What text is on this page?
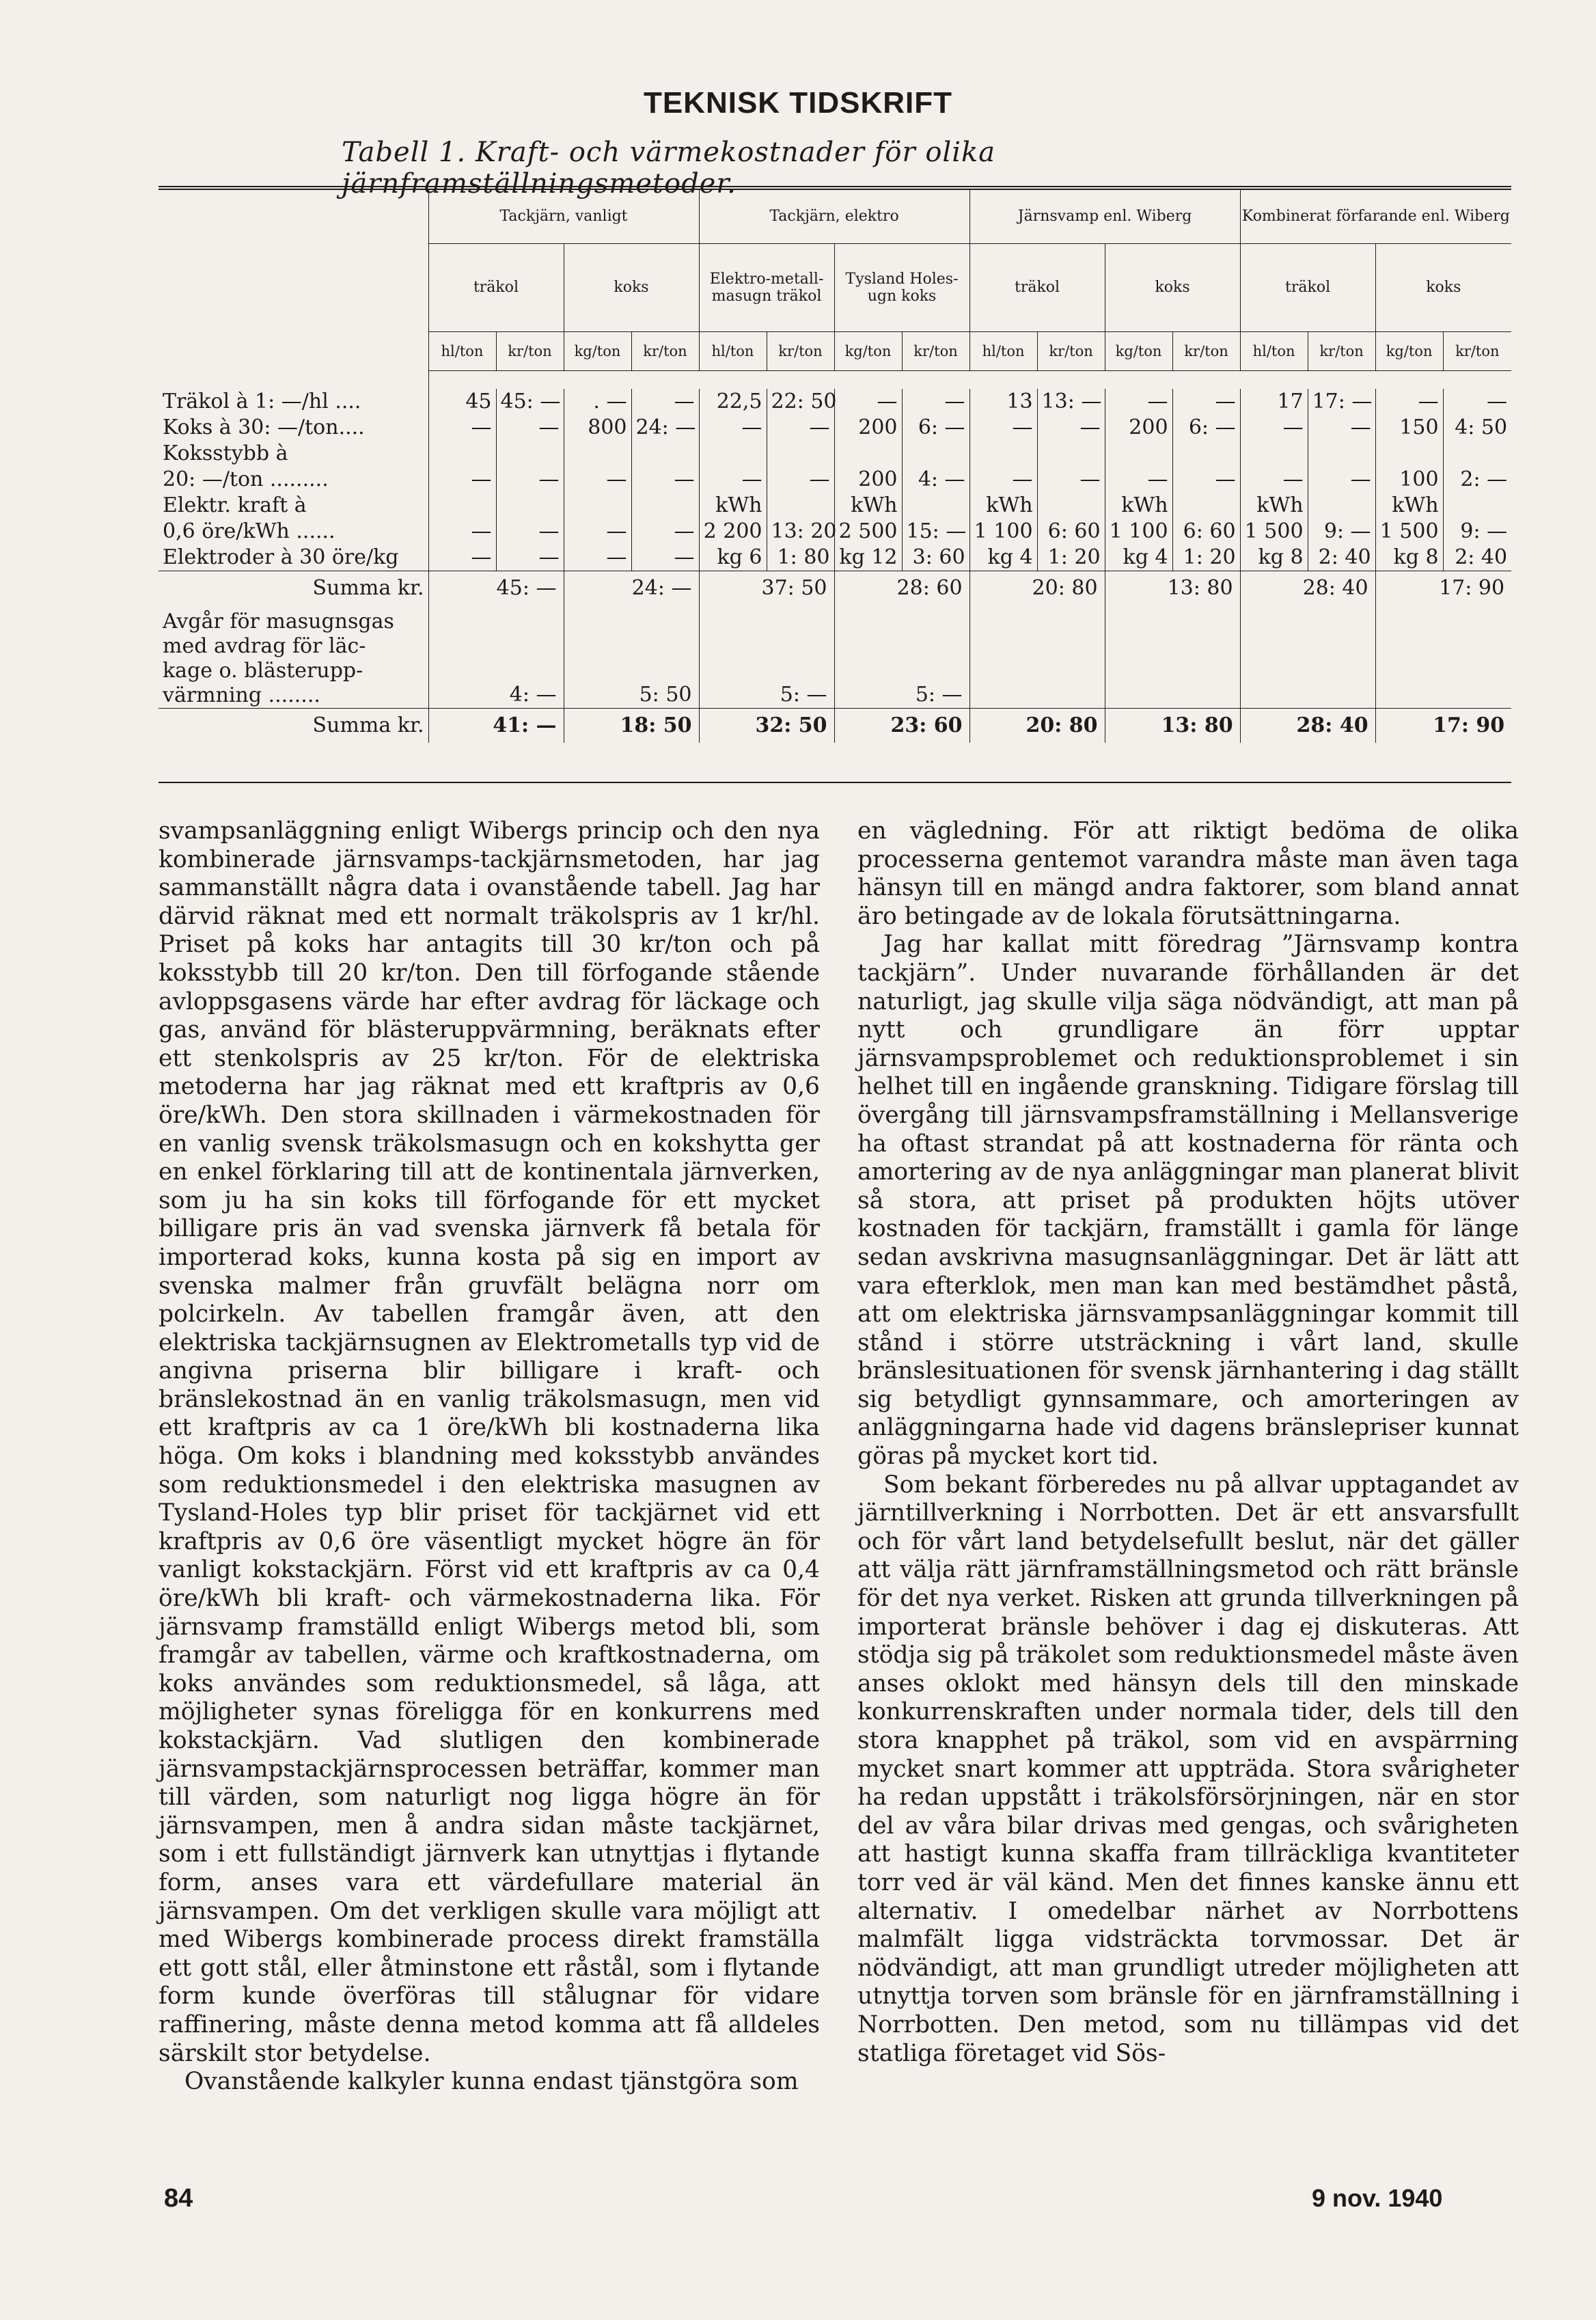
TEKNISK TIDSKRIFT
Tabell 1. Kraft- och värmekostnader för olika järnframställningsmetoder.
	Tackjärn, vanligt				Tackjärn, elektro				Järnsvamp enl. Wiberg				Kombinerat förfarande enl. Wiberg			
	träkol		koks		Elektro-metall-masugn träkol		Tysland Holes-ugn koks		träkol		koks		träkol		koks	
	hl/ton	kr/ton	kg/ton	kr/ton	hl/ton	kr/ton	kg/ton	kr/ton	hl/ton	kr/ton	kg/ton	kr/ton	hl/ton	kr/ton	kg/ton	kr/ton

Träkol à 1: —/hl ....	45	45: —	. —	—	22,5	22: 50	—	—	13	13: —	—	—	17	17: —	—	—
Koks à 30: —/ton....	—	—	800	24: —	—	—	200	6: —	—	—	200	6: —	—	—	150	4: 50
Koksstybb à																
20: —/ton .........	—	—	—	—	—	—	200	4: —	—	—	—	—	—	—	100	2: —
Elektr. kraft à					kWh		kWh		kWh		kWh		kWh		kWh	
0,6 öre/kWh ......	—	—	—	—	2 200	13: 20	2 500	15: —	1 100	6: 60	1 100	6: 60	1 500	9: —	1 500	9: —
Elektroder à 30 öre/kg	—	—	—	—	kg 6	1: 80	kg 12	3: 60	kg 4	1: 20	kg 4	1: 20	kg 8	2: 40	kg 8	2: 40
Summa kr.	45: —		24: —		37: 50		28: 60		20: 80		13: 80		28: 40		17: 90	

Avgår för masugnsgas
med avdrag för läc-
kage o. blästerupp-
värmning ........	4: —		5: 50		5: —		5: —									
Summa kr.	41: —		18: 50		32: 50		23: 60		20: 80		13: 80		28: 40		17: 90	

svampsanläggning enligt Wibergs princip och den nya kombinerade järnsvamps-tackjärnsmetoden, har jag sammanställt några data i ovanstående tabell. Jag har därvid räknat med ett normalt träkolspris av 1 kr/hl. Priset på koks har antagits till 30 kr/ton och på koksstybb till 20 kr/ton. Den till förfogande stående avloppsgasens värde har efter avdrag för läckage och gas, använd för blästeruppvärmning, beräknats efter ett stenkolspris av 25 kr/ton. För de elektriska metoderna har jag räknat med ett kraftpris av 0,6 öre/kWh. Den stora skillnaden i värmekostnaden för en vanlig svensk träkolsmasugn och en kokshytta ger en enkel förklaring till att de kontinentala järnverken, som ju ha sin koks till förfogande för ett mycket billigare pris än vad svenska järnverk få betala för importerad koks, kunna kosta på sig en import av svenska malmer från gruvfält belägna norr om polcirkeln. Av tabellen framgår även, att den elektriska tackjärnsugnen av Elektrometalls typ vid de angivna priserna blir billigare i kraft- och bränslekostnad än en vanlig träkolsmasugn, men vid ett kraftpris av ca 1 öre/kWh bli kostnaderna lika höga. Om koks i blandning med koksstybb användes som reduktionsmedel i den elektriska masugnen av Tysland-Holes typ blir priset för tackjärnet vid ett kraftpris av 0,6 öre väsentligt mycket högre än för vanligt kokstackjärn. Först vid ett kraftpris av ca 0,4 öre/kWh bli kraft- och värmekostnaderna lika. För järnsvamp framställd enligt Wibergs metod bli, som framgår av tabellen, värme och kraftkostnaderna, om koks användes som reduktionsmedel, så låga, att möjligheter synas föreligga för en konkurrens med kokstackjärn. Vad slutligen den kombinerade järnsvampstackjärnsprocessen beträffar, kommer man till värden, som naturligt nog ligga högre än för järnsvampen, men å andra sidan måste tackjärnet, som i ett fullständigt järnverk kan utnyttjas i flytande form, anses vara ett värdefullare material än järnsvampen. Om det verkligen skulle vara möjligt att med Wibergs kombinerade process direkt framställa ett gott stål, eller åtminstone ett råstål, som i flytande form kunde överföras till stålugnar för vidare raffinering, måste denna metod komma att få alldeles särskilt stor betydelse.

Ovanstående kalkyler kunna endast tjänstgöra som

en vägledning. För att riktigt bedöma de olika processerna gentemot varandra måste man även taga hänsyn till en mängd andra faktorer, som bland annat äro betingade av de lokala förutsättningarna.

Jag har kallat mitt föredrag ”Järnsvamp kontra tackjärn”. Under nuvarande förhållanden är det naturligt, jag skulle vilja säga nödvändigt, att man på nytt och grundligare än förr upptar järnsvampsproblemet och reduktionsproblemet i sin helhet till en ingående granskning. Tidigare förslag till övergång till järnsvampsframställning i Mellansverige ha oftast strandat på att kostnaderna för ränta och amortering av de nya anläggningar man planerat blivit så stora, att priset på produkten höjts utöver kostnaden för tackjärn, framställt i gamla för länge sedan avskrivna masugnsanläggningar. Det är lätt att vara efterklok, men man kan med bestämdhet påstå, att om elektriska järnsvampsanläggningar kommit till stånd i större utsträckning i vårt land, skulle bränslesituationen för svensk järnhantering i dag ställt sig betydligt gynnsammare, och amorteringen av anläggningarna hade vid dagens bränslepriser kunnat göras på mycket kort tid.

Som bekant förberedes nu på allvar upptagandet av järntillverkning i Norrbotten. Det är ett ansvarsfullt och för vårt land betydelsefullt beslut, när det gäller att välja rätt järnframställningsmetod och rätt bränsle för det nya verket. Risken att grunda tillverkningen på importerat bränsle behöver i dag ej diskuteras. Att stödja sig på träkolet som reduktionsmedel måste även anses oklokt med hänsyn dels till den minskade konkurrenskraften under normala tider, dels till den stora knapphet på träkol, som vid en avspärrning mycket snart kommer att uppträda. Stora svårigheter ha redan uppstått i träkolsförsörjningen, när en stor del av våra bilar drivas med gengas, och svårigheten att hastigt kunna skaffa fram tillräckliga kvantiteter torr ved är väl känd. Men det finnes kanske ännu ett alternativ. I omedelbar närhet av Norrbottens malmfält ligga vidsträckta torvmossar. Det är nödvändigt, att man grundligt utreder möjligheten att utnyttja torven som bränsle för en järnframställning i Norrbotten. Den metod, som nu tillämpas vid det statliga företaget vid Sös-

84	9 nov. 1940
